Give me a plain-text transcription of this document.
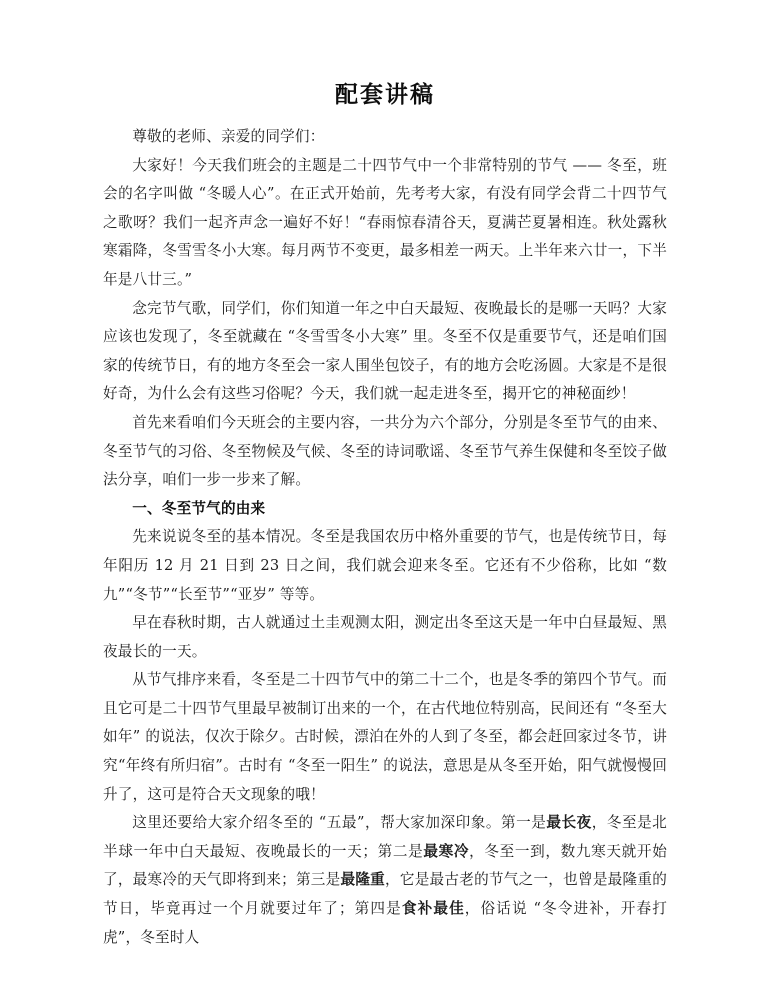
配套讲稿

尊敬的老师、亲爱的同学们：

大家好！今天我们班会的主题是二十四节气中一个非常特别的节气 —— 冬至，班会的名字叫做 “冬暖人心”。在正式开始前，先考考大家，有没有同学会背二十四节气之歌呀？我们一起齐声念一遍好不好！“春雨惊春清谷天，夏满芒夏暑相连。秋处露秋寒霜降，冬雪雪冬小大寒。每月两节不变更，最多相差一两天。上半年来六廿一，下半年是八廿三。”

念完节气歌，同学们，你们知道一年之中白天最短、夜晚最长的是哪一天吗？大家应该也发现了，冬至就藏在 “冬雪雪冬小大寒” 里。冬至不仅是重要节气，还是咱们国家的传统节日，有的地方冬至会一家人围坐包饺子，有的地方会吃汤圆。大家是不是很好奇，为什么会有这些习俗呢？今天，我们就一起走进冬至，揭开它的神秘面纱！

首先来看咱们今天班会的主要内容，一共分为六个部分，分别是冬至节气的由来、冬至节气的习俗、冬至物候及气候、冬至的诗词歌谣、冬至节气养生保健和冬至饺子做法分享，咱们一步一步来了解。

一、冬至节气的由来

先来说说冬至的基本情况。冬至是我国农历中格外重要的节气，也是传统节日，每年阳历 12 月 21 日到 23 日之间，我们就会迎来冬至。它还有不少俗称，比如 “数九”“冬节”“长至节”“亚岁” 等等。

早在春秋时期，古人就通过土圭观测太阳，测定出冬至这天是一年中白昼最短、黑夜最长的一天。

从节气排序来看，冬至是二十四节气中的第二十二个，也是冬季的第四个节气。而且它可是二十四节气里最早被制订出来的一个，在古代地位特别高，民间还有 “冬至大如年” 的说法，仅次于除夕。古时候，漂泊在外的人到了冬至，都会赶回家过冬节，讲究“年终有所归宿”。古时有 “冬至一阳生” 的说法，意思是从冬至开始，阳气就慢慢回升了，这可是符合天文现象的哦！

这里还要给大家介绍冬至的 “五最”，帮大家加深印象。第一是最长夜，冬至是北半球一年中白天最短、夜晚最长的一天；第二是最寒冷，冬至一到，数九寒天就开始了，最寒冷的天气即将到来；第三是最隆重，它是最古老的节气之一，也曾是最隆重的节日，毕竟再过一个月就要过年了；第四是食补最佳，俗话说 “冬令进补，开春打虎”，冬至时人
